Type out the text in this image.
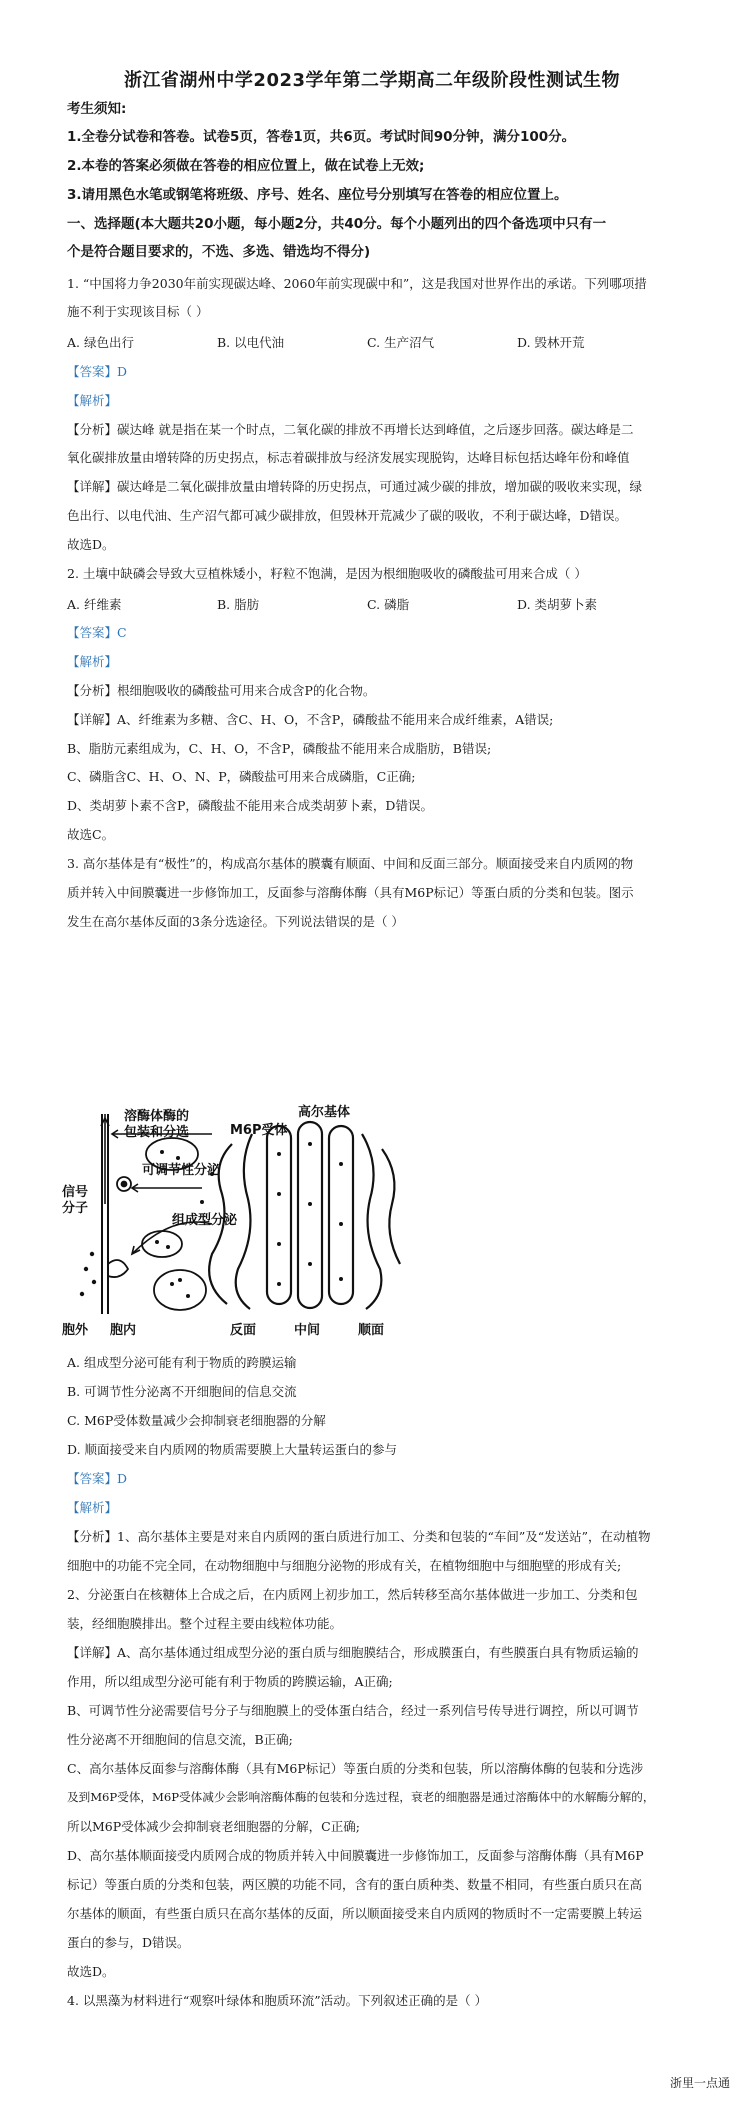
浙江省湖州中学2023学年第二学期高二年级阶段性测试生物
考生须知:
1.全卷分试卷和答卷。试卷5页，答卷1页，共6页。考试时间90分钟，满分100分。
2.本卷的答案必须做在答卷的相应位置上，做在试卷上无效;
3.请用黑色水笔或钢笔将班级、序号、姓名、座位号分别填写在答卷的相应位置上。
一、选择题(本大题共20小题，每小题2分，共40分。每个小题列出的四个备选项中只有一
个是符合题目要求的，不选、多选、错选均不得分)
1. “中国将力争2030年前实现碳达峰、2060年前实现碳中和”，这是我国对世界作出的承诺。下列哪项措
施不利于实现该目标（ ）
A. 绿色出行	B. 以电代油	C. 生产沼气	D. 毁林开荒
【答案】D
【解析】
【分析】碳达峰 就是指在某一个时点，二氧化碳的排放不再增长达到峰值，之后逐步回落。碳达峰是二
氧化碳排放量由增转降的历史拐点，标志着碳排放与经济发展实现脱钩，达峰目标包括达峰年份和峰值
【详解】碳达峰是二氧化碳排放量由增转降的历史拐点，可通过减少碳的排放，增加碳的吸收来实现，绿
色出行、以电代油、生产沼气都可减少碳排放，但毁林开荒减少了碳的吸收，不利于碳达峰，D错误。
故选D。
2. 土壤中缺磷会导致大豆植株矮小，籽粒不饱满，是因为根细胞吸收的磷酸盐可用来合成（ ）
A. 纤维素	B. 脂肪	C. 磷脂	D. 类胡萝卜素
【答案】C
【解析】
【分析】根细胞吸收的磷酸盐可用来合成含P的化合物。
【详解】A、纤维素为多糖、含C、H、O，不含P，磷酸盐不能用来合成纤维素，A错误;
B、脂肪元素组成为，C、H、O，不含P，磷酸盐不能用来合成脂肪，B错误;
C、磷脂含C、H、O、N、P，磷酸盐可用来合成磷脂，C正确;
D、类胡萝卜素不含P，磷酸盐不能用来合成类胡萝卜素，D错误。
故选C。
3. 高尔基体是有“极性”的，构成高尔基体的膜囊有顺面、中间和反面三部分。顺面接受来自内质网的物
质并转入中间膜囊进一步修饰加工，反面参与溶酶体酶（具有M6P标记）等蛋白质的分类和包装。图示
发生在高尔基体反面的3条分选途径。下列说法错误的是（ ）
溶酶体酶的
包装和分选	M6P受体
高尔基体
可调节性分泌
信号
分子
组成型分泌
胞外 胞内	反面	中间	顺面
A. 组成型分泌可能有利于物质的跨膜运输
B. 可调节性分泌离不开细胞间的信息交流
C. M6P受体数量减少会抑制衰老细胞器的分解
D. 顺面接受来自内质网的物质需要膜上大量转运蛋白的参与
【答案】D
【解析】
【分析】1、高尔基体主要是对来自内质网的蛋白质进行加工、分类和包装的“车间”及“发送站”，在动植物
细胞中的功能不完全同，在动物细胞中与细胞分泌物的形成有关，在植物细胞中与细胞壁的形成有关;
2、分泌蛋白在核糖体上合成之后，在内质网上初步加工，然后转移至高尔基体做进一步加工、分类和包
装，经细胞膜排出。整个过程主要由线粒体功能。
【详解】A、高尔基体通过组成型分泌的蛋白质与细胞膜结合，形成膜蛋白，有些膜蛋白具有物质运输的
作用，所以组成型分泌可能有利于物质的跨膜运输，A正确;
B、可调节性分泌需要信号分子与细胞膜上的受体蛋白结合，经过一系列信号传导进行调控，所以可调节
性分泌离不开细胞间的信息交流，B正确;
C、高尔基体反面参与溶酶体酶（具有M6P标记）等蛋白质的分类和包装，所以溶酶体酶的包装和分选涉
及到M6P受体，M6P受体减少会影响溶酶体酶的包装和分选过程，衰老的细胞器是通过溶酶体中的水解酶分解的，
所以M6P受体减少会抑制衰老细胞器的分解，C正确;
D、高尔基体顺面接受内质网合成的物质并转入中间膜囊进一步修饰加工，反面参与溶酶体酶（具有M6P
标记）等蛋白质的分类和包装，两区膜的功能不同，含有的蛋白质种类、数量不相同，有些蛋白质只在高
尔基体的顺面，有些蛋白质只在高尔基体的反面，所以顺面接受来自内质网的物质时不一定需要膜上转运
蛋白的参与，D错误。
故选D。
4. 以黑藻为材料进行“观察叶绿体和胞质环流”活动。下列叙述正确的是（ ）
浙里一点通
